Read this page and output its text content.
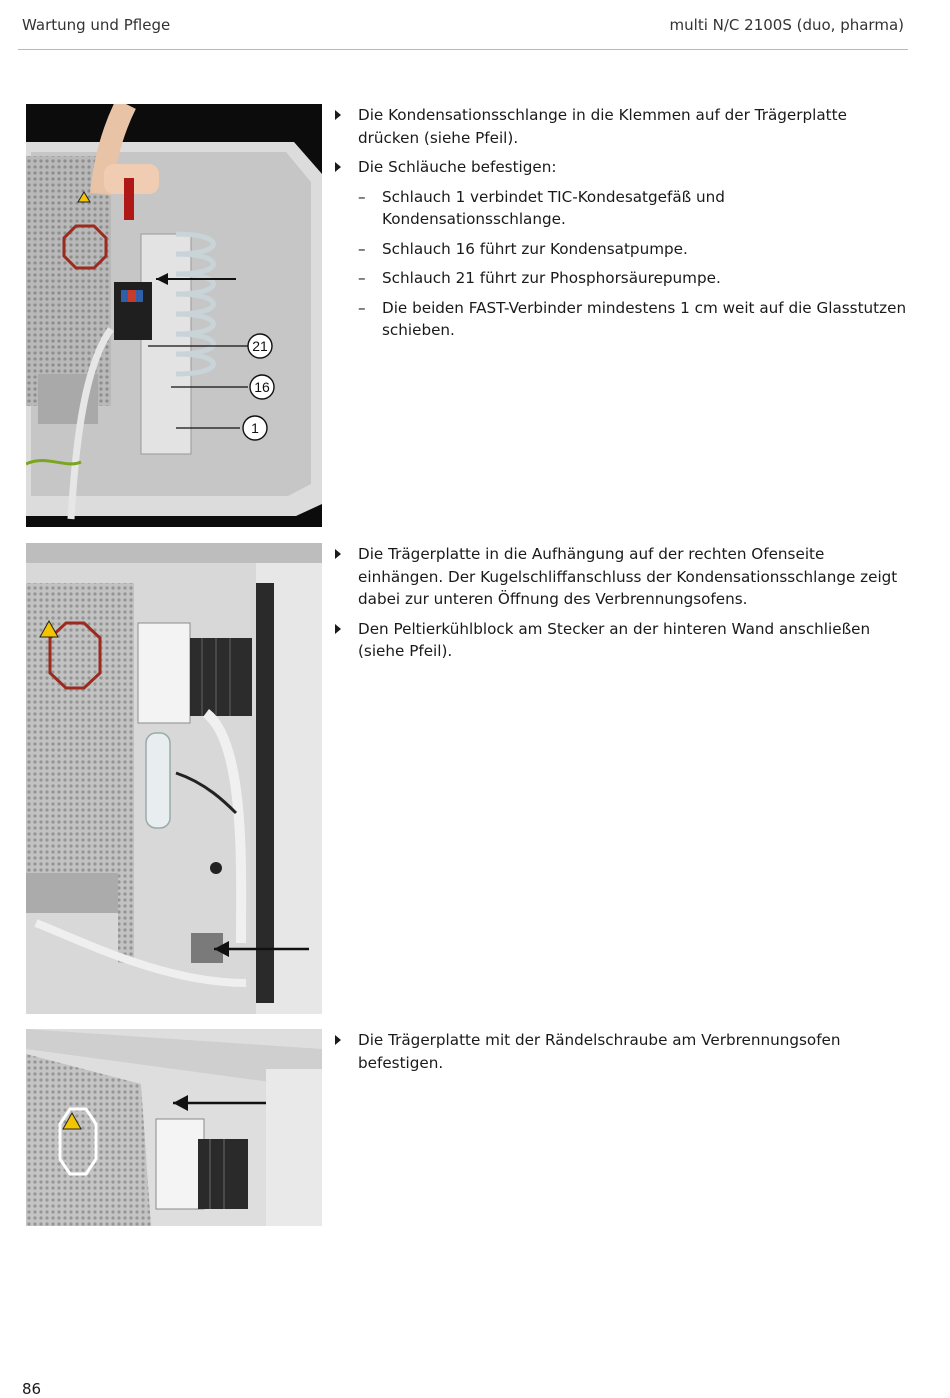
Wartung und Pflege	multi N/C 2100S (duo, pharma)
21
16
1
Die Kondensationsschlange in die Klemmen auf der Trägerplatte drücken (siehe Pfeil).
Die Schläuche befestigen:
– Schlauch 1 verbindet TIC-Kondesatgefäß und Kondensationsschlange.
– Schlauch 16 führt zur Kondensatpumpe.
– Schlauch 21 führt zur Phosphorsäurepumpe.
– Die beiden FAST-Verbinder mindestens 1 cm weit auf die Glasstutzen schieben.
Die Trägerplatte in die Aufhängung auf der rechten Ofenseite einhängen. Der Kugelschliffanschluss der Kondensationsschlange zeigt dabei zur unteren Öffnung des Verbrennungsofens.
Den Peltierkühlblock am Stecker an der hinteren Wand anschließen (siehe Pfeil).
Die Trägerplatte mit der Rändelschraube am Verbrennungsofen befestigen.
86
